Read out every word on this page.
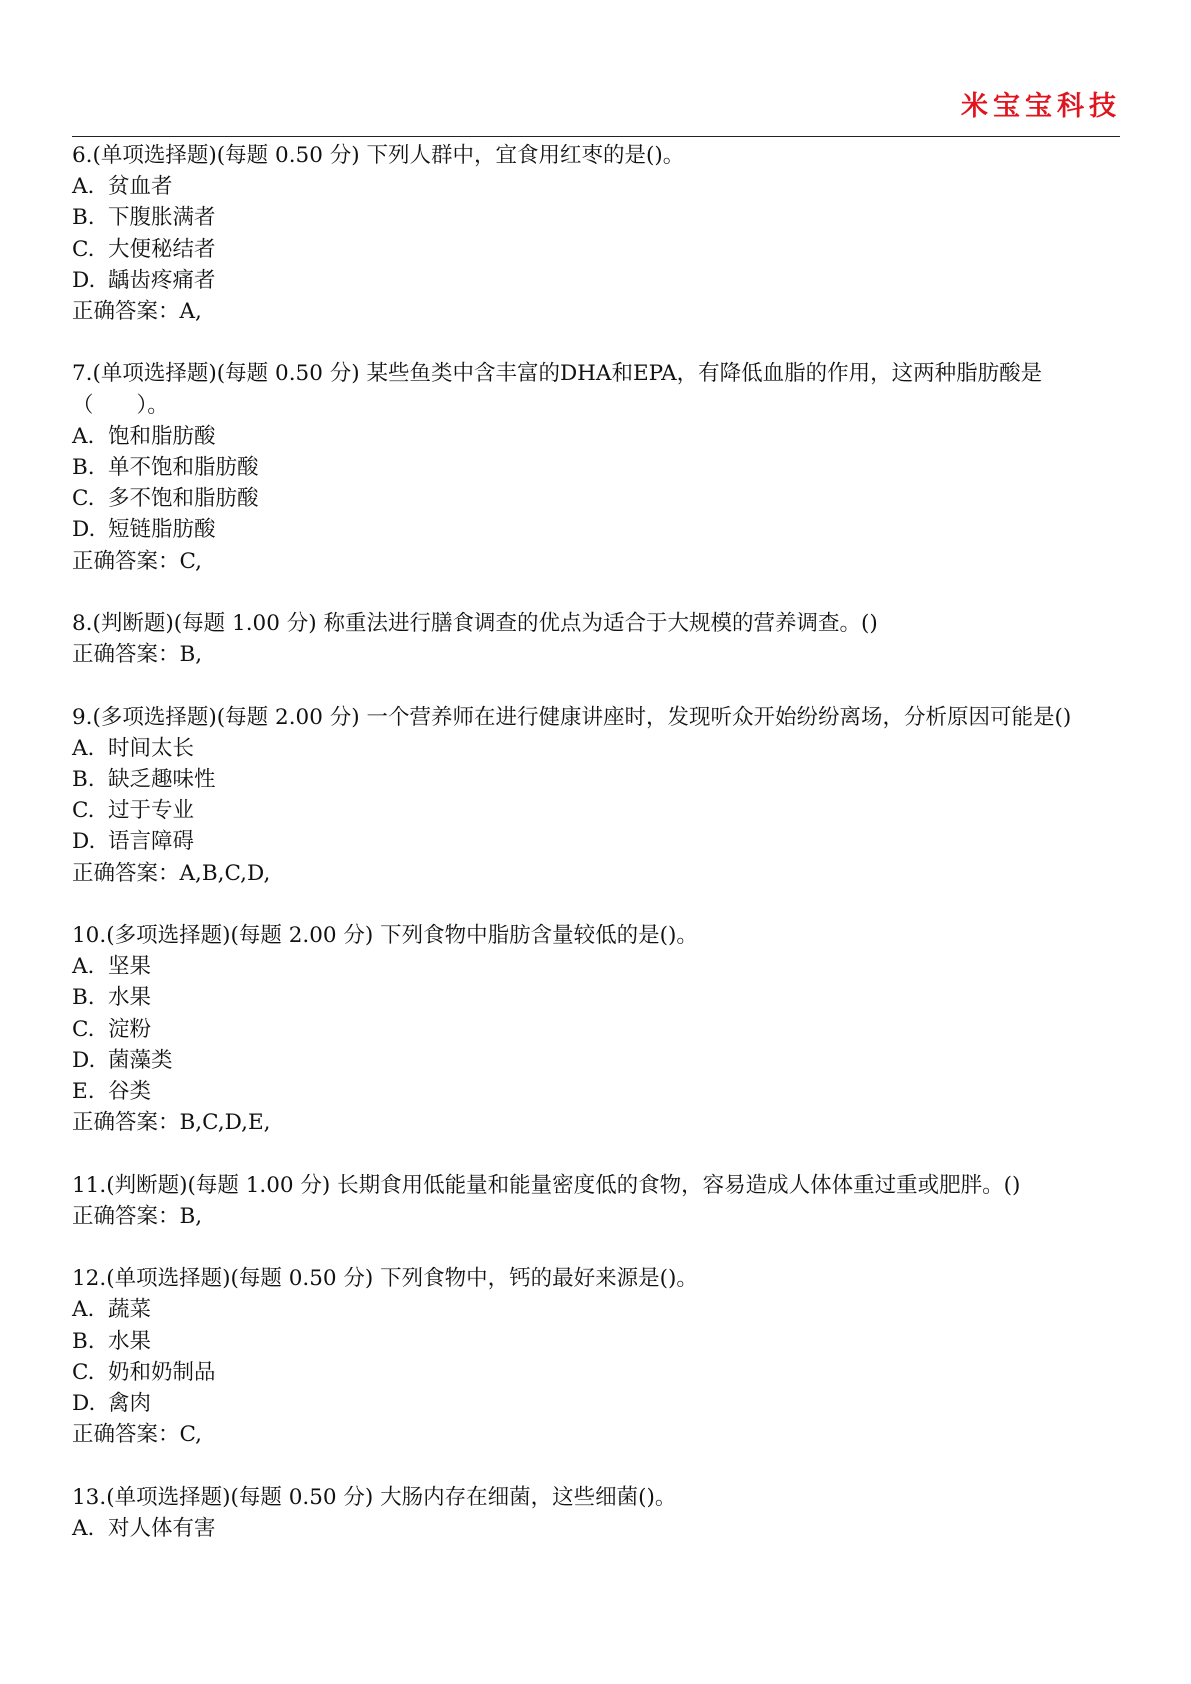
米宝宝科技

6.(单项选择题)(每题 0.50 分) 下列人群中，宜食用红枣的是()。

A. 贫血者

B. 下腹胀满者

C. 大便秘结者

D. 龋齿疼痛者

正确答案：A,

7.(单项选择题)(每题 0.50 分) 某些鱼类中含丰富的DHA和EPA，有降低血脂的作用，这两种脂肪酸是（　　）。

A. 饱和脂肪酸

B. 单不饱和脂肪酸

C. 多不饱和脂肪酸

D. 短链脂肪酸

正确答案：C,

8.(判断题)(每题 1.00 分) 称重法进行膳食调查的优点为适合于大规模的营养调查。()

正确答案：B,

9.(多项选择题)(每题 2.00 分) 一个营养师在进行健康讲座时，发现听众开始纷纷离场，分析原因可能是()

A. 时间太长

B. 缺乏趣味性

C. 过于专业

D. 语言障碍

正确答案：A,B,C,D,

10.(多项选择题)(每题 2.00 分) 下列食物中脂肪含量较低的是()。

A. 坚果

B. 水果

C. 淀粉

D. 菌藻类

E. 谷类

正确答案：B,C,D,E,

11.(判断题)(每题 1.00 分) 长期食用低能量和能量密度低的食物，容易造成人体体重过重或肥胖。()

正确答案：B,

12.(单项选择题)(每题 0.50 分) 下列食物中，钙的最好来源是()。

A. 蔬菜

B. 水果

C. 奶和奶制品

D. 禽肉

正确答案：C,

13.(单项选择题)(每题 0.50 分) 大肠内存在细菌，这些细菌()。

A. 对人体有害
